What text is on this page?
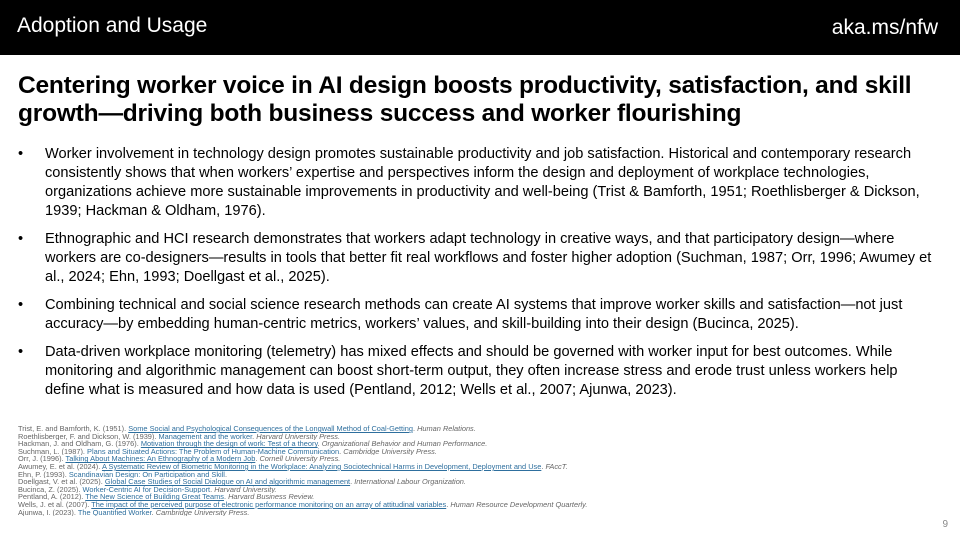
Adoption and Usage	aka.ms/nfw
Centering worker voice in AI design boosts productivity, satisfaction, and skill growth—driving both business success and worker flourishing
•	Worker involvement in technology design promotes sustainable productivity and job satisfaction. Historical and contemporary research consistently shows that when workers’ expertise and perspectives inform the design and deployment of workplace technologies, organizations achieve more sustainable improvements in productivity and well-being (Trist & Bamforth, 1951; Roethlisberger & Dickson, 1939; Hackman & Oldham, 1976).
•	Ethnographic and HCI research demonstrates that workers adapt technology in creative ways, and that participatory design—where workers are co-designers—results in tools that better fit real workflows and foster higher adoption (Suchman, 1987; Orr, 1996; Awumey et al., 2024; Ehn, 1993; Doellgast et al., 2025).
•	Combining technical and social science research methods can create AI systems that improve worker skills and satisfaction—not just accuracy—by embedding human-centric metrics, workers’ values, and skill-building into their design (Bucinca, 2025).
•	Data-driven workplace monitoring (telemetry) has mixed effects and should be governed with worker input for best outcomes. While monitoring and algorithmic management can boost short-term output, they often increase stress and erode trust unless workers help define what is measured and how data is used (Pentland, 2012; Wells et al., 2007; Ajunwa, 2023).
Trist, E. and Bamforth, K. (1951). Some Social and Psychological Consequences of the Longwall Method of Coal-Getting. Human Relations.
Roethlisberger, F. and Dickson, W. (1939). Management and the worker. Harvard University Press.
Hackman, J. and Oldham, G. (1976). Motivation through the design of work: Test of a theory. Organizational Behavior and Human Performance.
Suchman, L. (1987). Plans and Situated Actions: The Problem of Human-Machine Communication. Cambridge University Press.
Orr, J. (1996). Talking About Machines: An Ethnography of a Modern Job. Cornell University Press.
Awumey, E. et al. (2024). A Systematic Review of Biometric Monitoring in the Workplace: Analyzing Sociotechnical Harms in Development, Deployment and Use. FAccT.
Ehn, P. (1993). Scandinavian Design: On Participation and Skill.
Doellgast, V. et al. (2025). Global Case Studies of Social Dialogue on AI and algorithmic management. International Labour Organization.
Bucinca, Z. (2025). Worker-Centric AI for Decision-Support. Harvard University.
Pentland, A. (2012). The New Science of Building Great Teams. Harvard Business Review.
Wells, J. et al. (2007). The impact of the perceived purpose of electronic performance monitoring on an array of attitudinal variables. Human Resource Development Quarterly.
Ajunwa, I. (2023). The Quantified Worker. Cambridge University Press.
9
